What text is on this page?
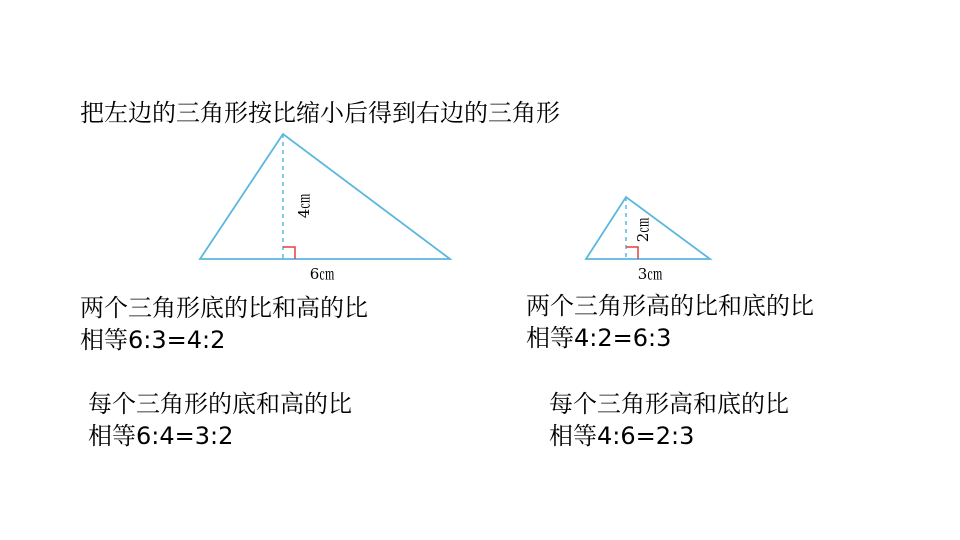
把左边的三角形按比缩小后得到右边的三角形
4㎝
6㎝
2㎝
3㎝
两个三角形底的比和高的比
相等6:3=4:2
两个三角形高的比和底的比
相等4:2=6:3
每个三角形的底和高的比
相等6:4=3:2
每个三角形高和底的比
相等4:6=2:3
